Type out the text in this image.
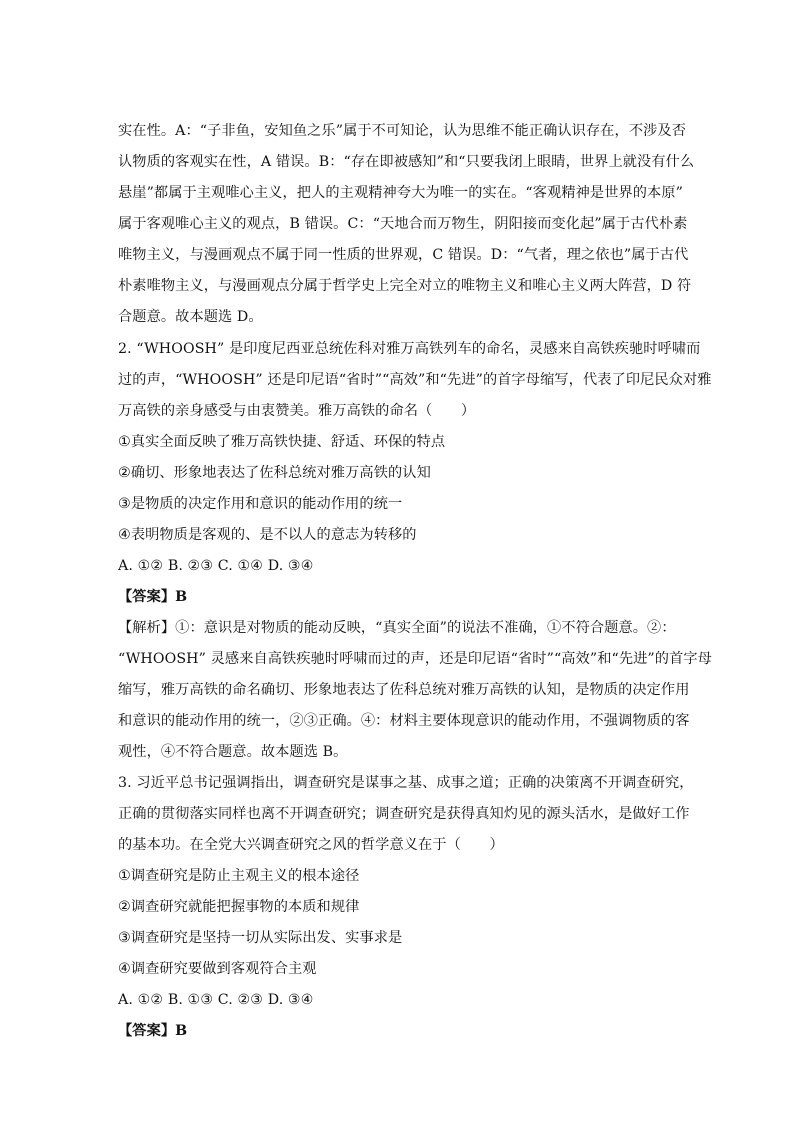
实在性。A：“子非鱼，安知鱼之乐”属于不可知论，认为思维不能正确认识存在，不涉及否

认物质的客观实在性，A 错误。B：“存在即被感知”和“只要我闭上眼睛，世界上就没有什么

悬崖”都属于主观唯心主义，把人的主观精神夸大为唯一的实在。“客观精神是世界的本原”

属于客观唯心主义的观点，B 错误。C：“天地合而万物生，阴阳接而变化起”属于古代朴素

唯物主义，与漫画观点不属于同一性质的世界观，C 错误。D：“气者，理之依也”属于古代

朴素唯物主义，与漫画观点分属于哲学史上完全对立的唯物主义和唯心主义两大阵营，D 符

合题意。故本题选 D。

2. “WHOOSH” 是印度尼西亚总统佐科对雅万高铁列车的命名，灵感来自高铁疾驰时呼啸而

过的声，“WHOOSH” 还是印尼语“省时”“高效”和“先进”的首字母缩写，代表了印尼民众对雅

万高铁的亲身感受与由衷赞美。雅万高铁的命名（　　）

①真实全面反映了雅万高铁快捷、舒适、环保的特点

②确切、形象地表达了佐科总统对雅万高铁的认知

③是物质的决定作用和意识的能动作用的统一

④表明物质是客观的、是不以人的意志为转移的

A. ①② B. ②③ C. ①④ D. ③④

【答案】B

【解析】①：意识是对物质的能动反映，“真实全面”的说法不准确，①不符合题意。②：

“WHOOSH” 灵感来自高铁疾驰时呼啸而过的声，还是印尼语“省时”“高效”和“先进”的首字母

缩写，雅万高铁的命名确切、形象地表达了佐科总统对雅万高铁的认知，是物质的决定作用

和意识的能动作用的统一，②③正确。④：材料主要体现意识的能动作用，不强调物质的客

观性，④不符合题意。故本题选 B。

3. 习近平总书记强调指出，调查研究是谋事之基、成事之道；正确的决策离不开调查研究，

正确的贯彻落实同样也离不开调查研究；调查研究是获得真知灼见的源头活水，是做好工作

的基本功。在全党大兴调查研究之风的哲学意义在于（　　）

①调查研究是防止主观主义的根本途径

②调查研究就能把握事物的本质和规律

③调查研究是坚持一切从实际出发、实事求是

④调查研究要做到客观符合主观

A. ①② B. ①③ C. ②③ D. ③④

【答案】B
